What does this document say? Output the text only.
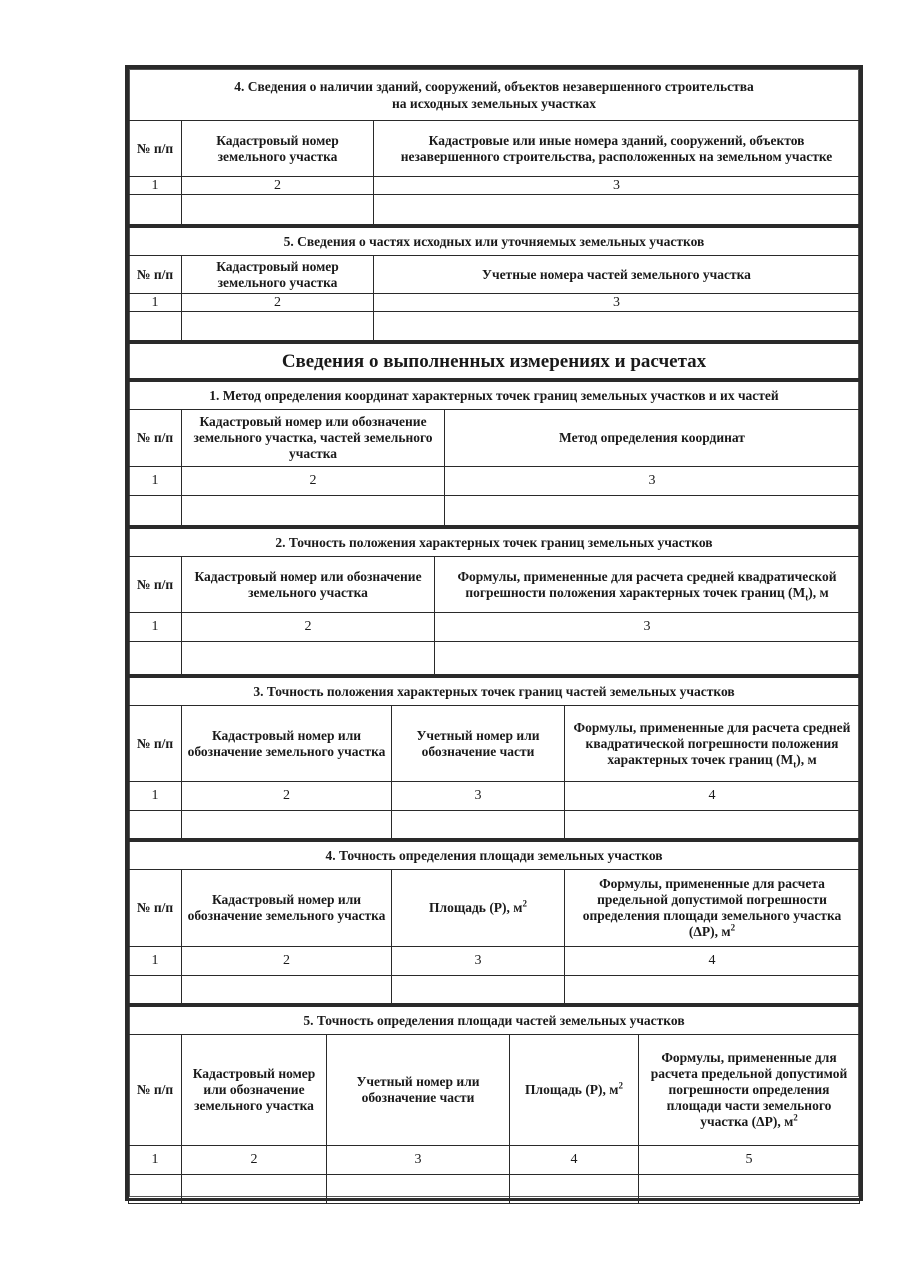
4. Сведения о наличии зданий, сооружений, объектов незавершенного строительства
на исходных земельных участках		
№ п/п	Кадастровый номер земельного участка	Кадастровые или иные номера зданий, сооружений, объектов незавершенного строительства, расположенных на земельном участке
1	2	3

5. Сведения о частях исходных или уточняемых земельных участков		
№ п/п	Кадастровый номер земельного участка	Учетные номера частей земельного участка
1	2	3

Сведения о выполненных измерениях и расчетах
1. Метод определения координат характерных точек границ земельных участков и их частей		
№ п/п	Кадастровый номер или обозначение земельного участка, частей земельного участка	Метод определения координат
1	2	3

2. Точность положения характерных точек границ земельных участков		
№ п/п	Кадастровый номер или обозначение земельного участка	Формулы, примененные для расчета средней квадратической погрешности положения характерных точек границ $(M_t)$, м
1	2	3

3. Точность положения характерных точек границ частей земельных участков			
№ п/п	Кадастровый номер или обозначение земельного участка	Учетный номер или обозначение части	Формулы, примененные для расчета средней квадратической погрешности положения характерных точек границ $(M_t)$, м
1	2	3	4

4. Точность определения площади земельных участков			
№ п/п	Кадастровый номер или обозначение земельного участка	Площадь (P), $м^2$	Формулы, примененные для расчета предельной допустимой погрешности определения площади земельного участка (ΔP), $м^2$
1	2	3	4

5. Точность определения площади частей земельных участков				
№ п/п	Кадастровый номер или обозначение земельного участка	Учетный номер или обозначение части	Площадь (P), $м^2$	Формулы, примененные для расчета предельной допустимой погрешности определения площади части земельного участка (ΔP), $м^2$
1	2	3	4	5
